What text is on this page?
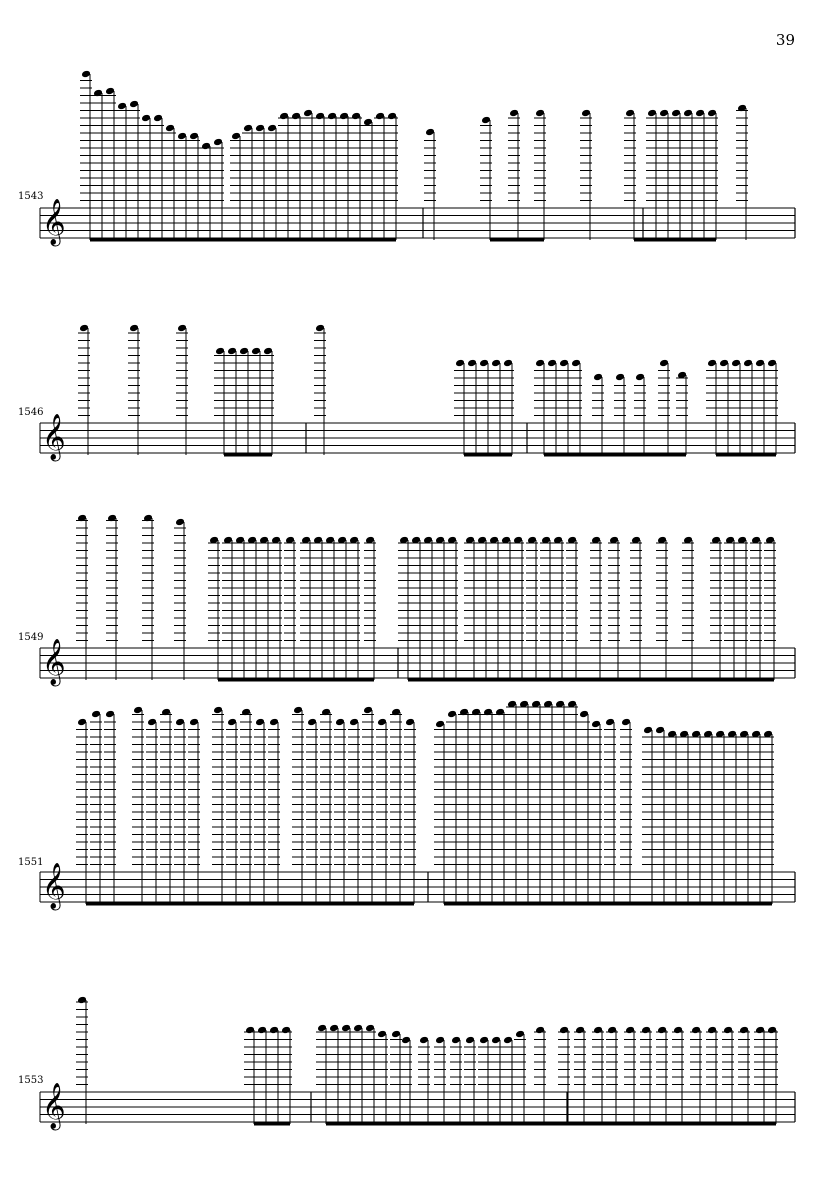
39
1543
𝄞
1546
𝄞
1549
𝄞
1551
𝄞
1553
𝄞
